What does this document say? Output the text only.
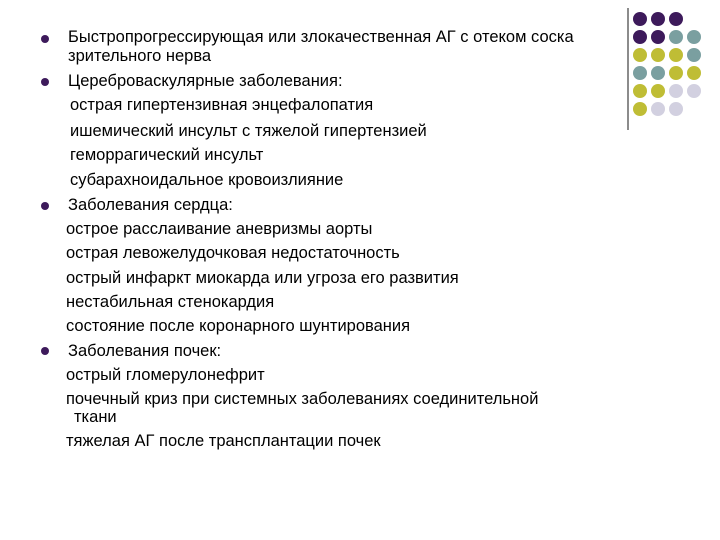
Быстропрогрессирующая или злокачественная АГ с отеком соска
зрительного нерва
Цереброваскулярные заболевания:
острая гипертензивная энцефалопатия
ишемический инсульт с тяжелой гипертензией
геморрагический инсульт
субарахноидальное кровоизлияние
Заболевания сердца:
острое расслаивание аневризмы аорты
острая левожелудочковая недостаточность
острый инфаркт миокарда или угроза его развития
нестабильная стенокардия
состояние после коронарного шунтирования
Заболевания почек:
острый гломерулонефрит
почечный криз при системных заболеваниях соединительной
ткани
тяжелая АГ после трансплантации почек
